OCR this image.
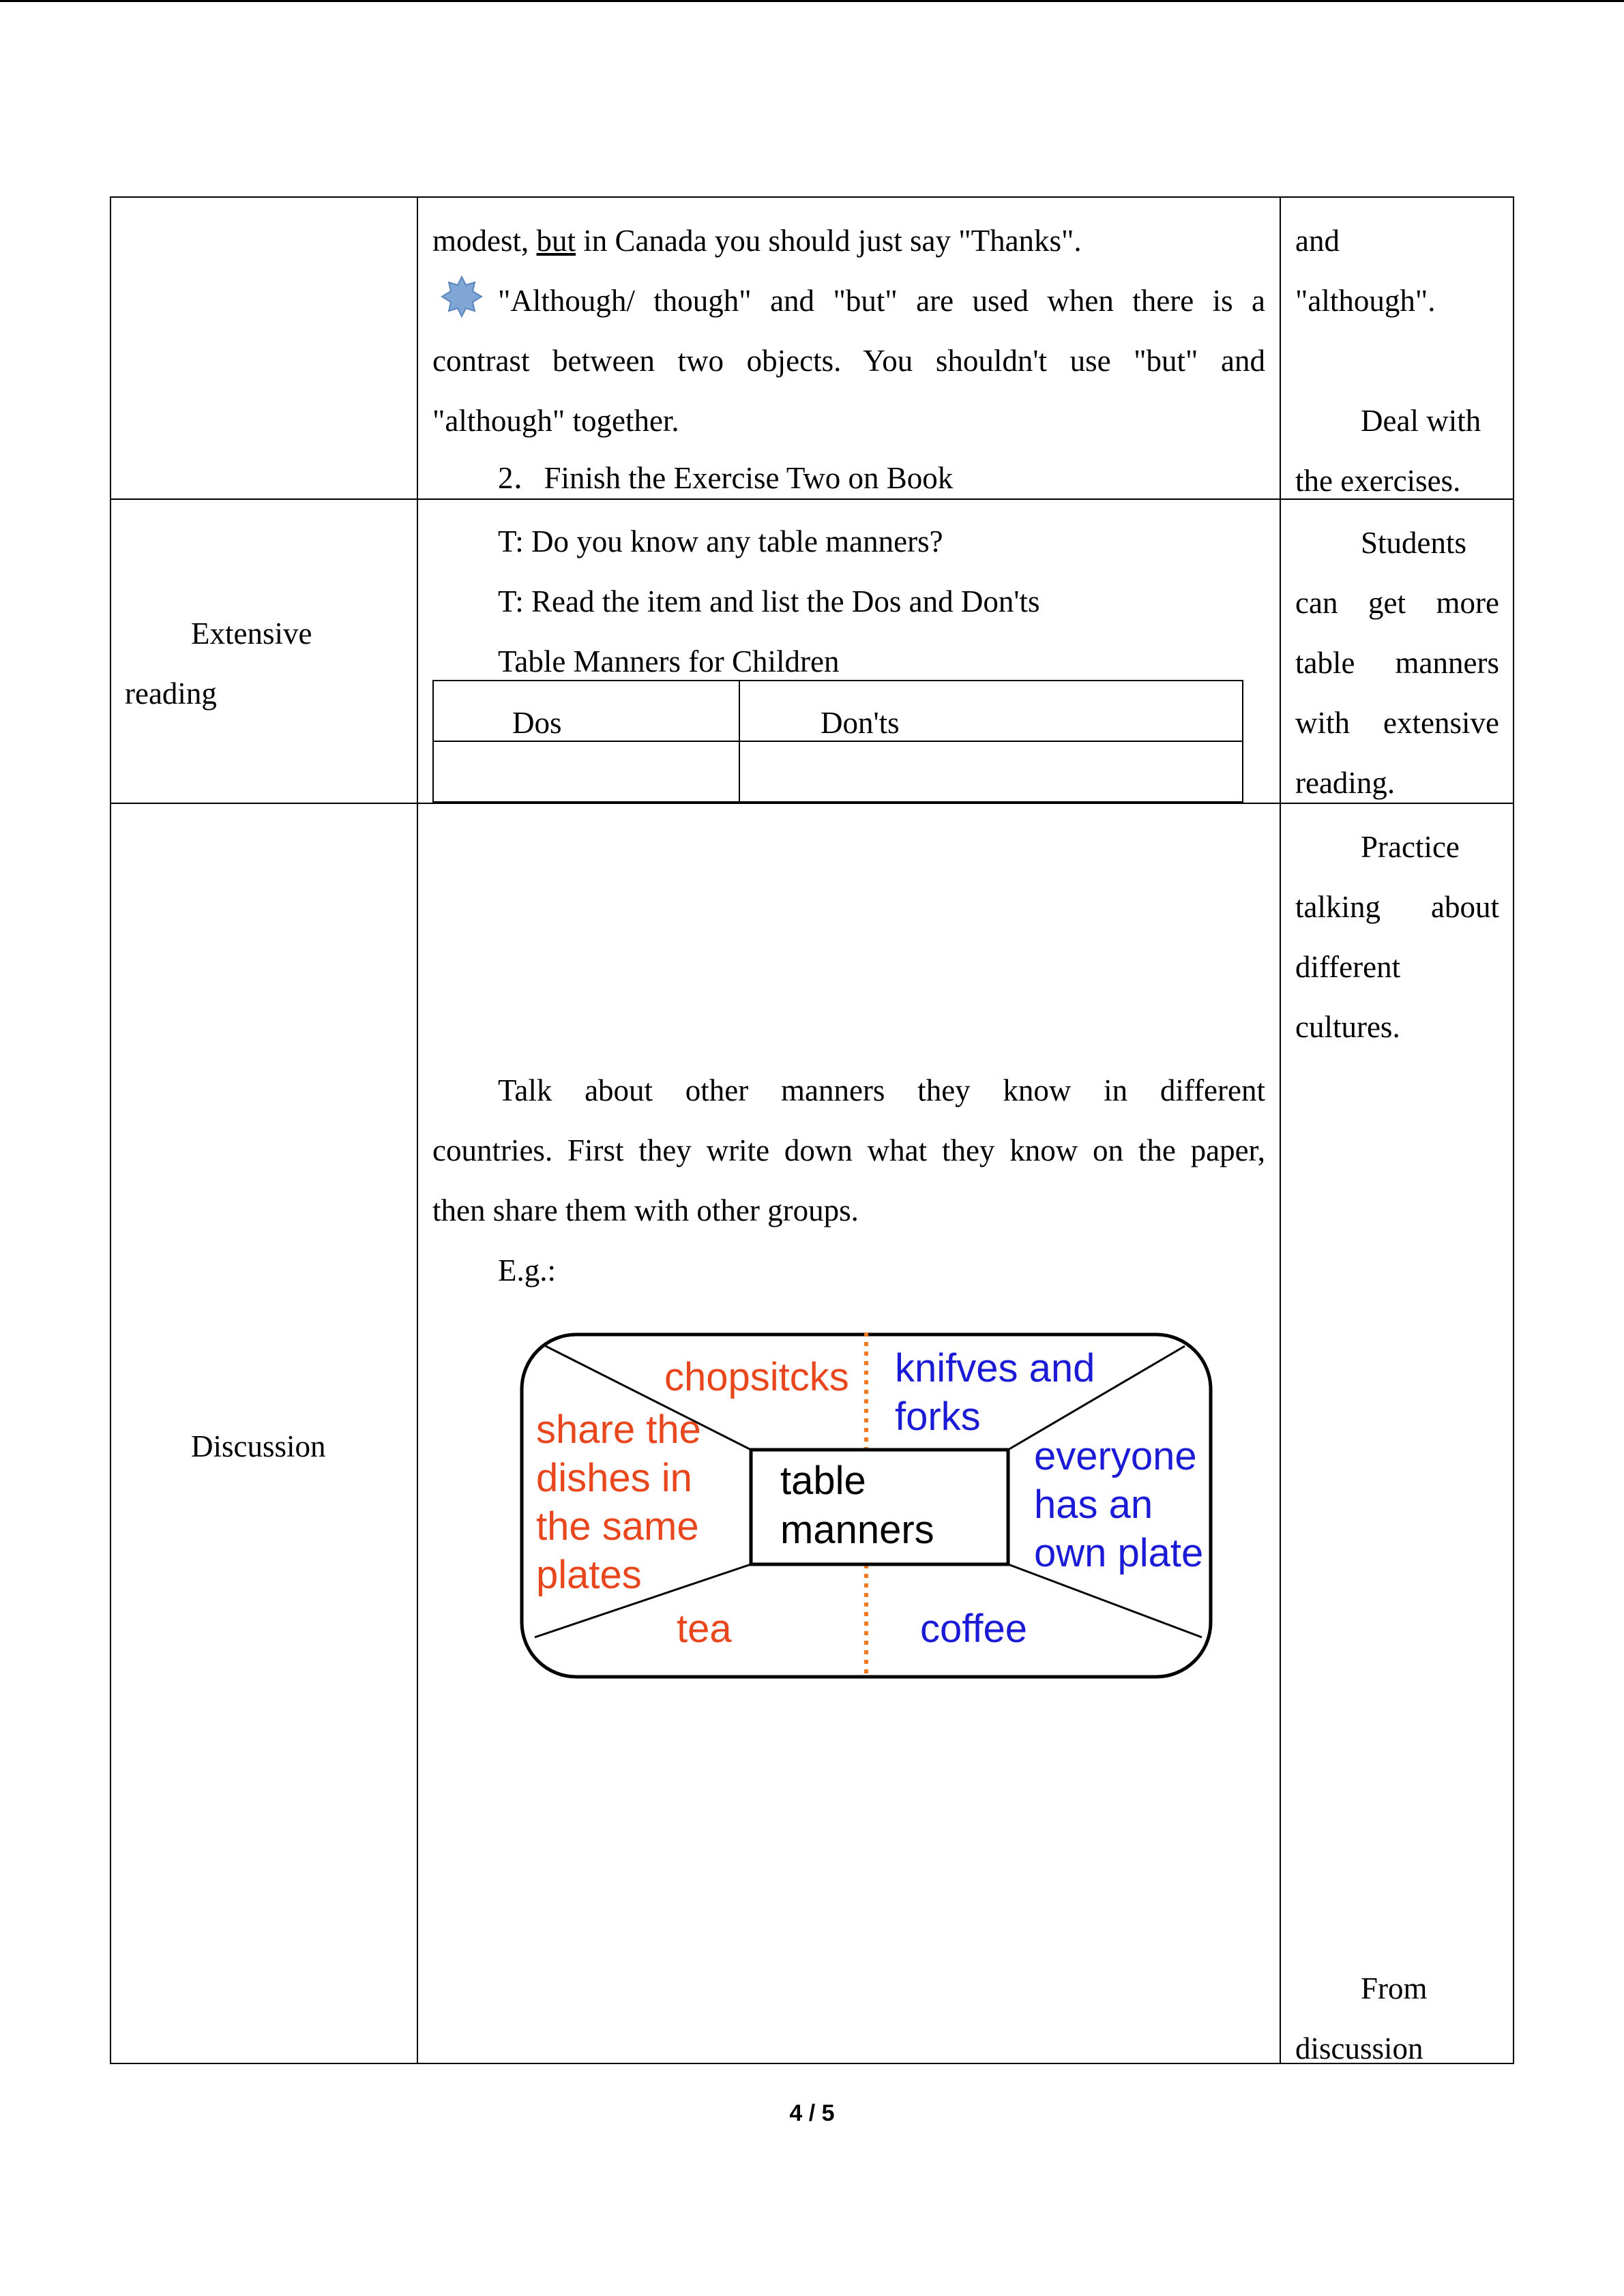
modest, but in Canada you should just say "Thanks".
"Although/ though" and "but" are used when there is a
contrast between two objects. You shouldn't use "but" and
"although" together.
2．Finish the Exercise Two on Book
and
"although".
Deal with
the exercises.
Extensive
reading
T: Do you know any table manners?
T: Read the item and list the Dos and Don'ts
Table Manners for Children
Dos	Don'ts
Students
can get more
table manners
with extensive
reading.
Discussion
Talk about other manners they know in different
countries. First they write down what they know on the paper,
then share them with other groups.
E.g.:
Practice
talking about
different
cultures.
From
discussion
table
manners
chopsitcks knifves and
forks
share the
dishes in
the same
plates
everyone
has an
own plate
tea	coffee
4 / 5
